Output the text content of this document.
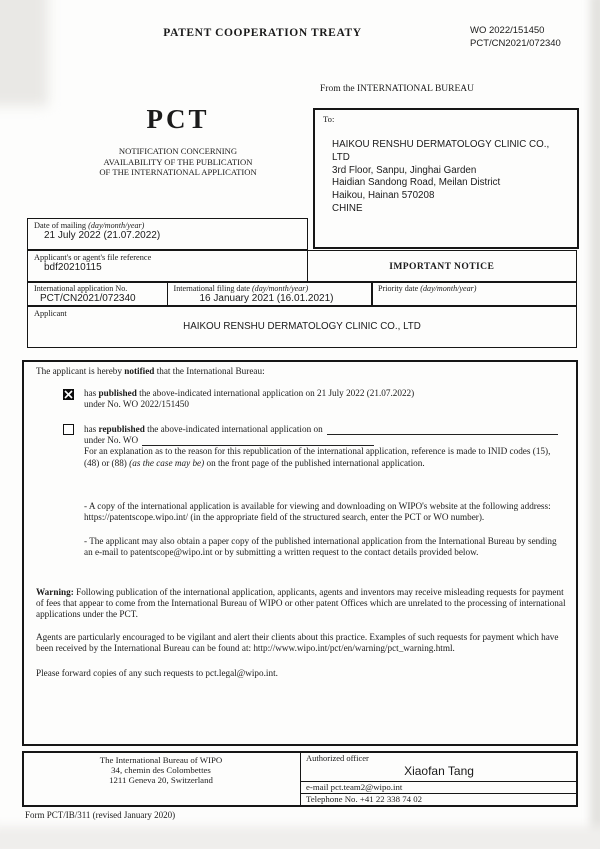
PATENT COOPERATION TREATY	WO 2022/151450
PCT/CN2021/072340
From the INTERNATIONAL BUREAU
PCT
NOTIFICATION CONCERNING
AVAILABILITY OF THE PUBLICATION
OF THE INTERNATIONAL APPLICATION
To:
HAIKOU RENSHU DERMATOLOGY CLINIC CO.,
LTD
3rd Floor, Sanpu, Jinghai Garden
Haidian Sandong Road, Meilan District
Haikou, Hainan 570208
CHINE
Date of mailing (day/month/year)
21 July 2022 (21.07.2022)
Applicant's or agent's file reference
bdf20210115	IMPORTANT NOTICE
International application No.
PCT/CN2021/072340
International filing date (day/month/year)
16 January 2021 (16.01.2021)
Priority date (day/month/year)
Applicant
HAIKOU RENSHU DERMATOLOGY CLINIC CO., LTD
The applicant is hereby notified that the International Bureau:
has published the above-indicated international application on 21 July 2022 (21.07.2022)
under No. WO 2022/151450
has republished the above-indicated international application on
under No. WO
For an explanation as to the reason for this republication of the international application, reference is made to INID codes (15), (48) or (88) (as the case may be) on the front page of the published international application.
- A copy of the international application is available for viewing and downloading on WIPO's website at the following address: https://patentscope.wipo.int/ (in the appropriate field of the structured search, enter the PCT or WO number).
- The applicant may also obtain a paper copy of the published international application from the International Bureau by sending an e-mail to patentscope@wipo.int or by submitting a written request to the contact details provided below.
Warning: Following publication of the international application, applicants, agents and inventors may receive misleading requests for payment of fees that appear to come from the International Bureau of WIPO or other patent Offices which are unrelated to the processing of international applications under the PCT.
Agents are particularly encouraged to be vigilant and alert their clients about this practice. Examples of such requests for payment which have been received by the International Bureau can be found at: http://www.wipo.int/pct/en/warning/pct_warning.html.
Please forward copies of any such requests to pct.legal@wipo.int.
The International Bureau of WIPO
34, chemin des Colombettes
1211 Geneva 20, Switzerland
Authorized officer
Xiaofan Tang
e-mail pct.team2@wipo.int
Telephone No. +41 22 338 74 02
Form PCT/IB/311 (revised January 2020)
